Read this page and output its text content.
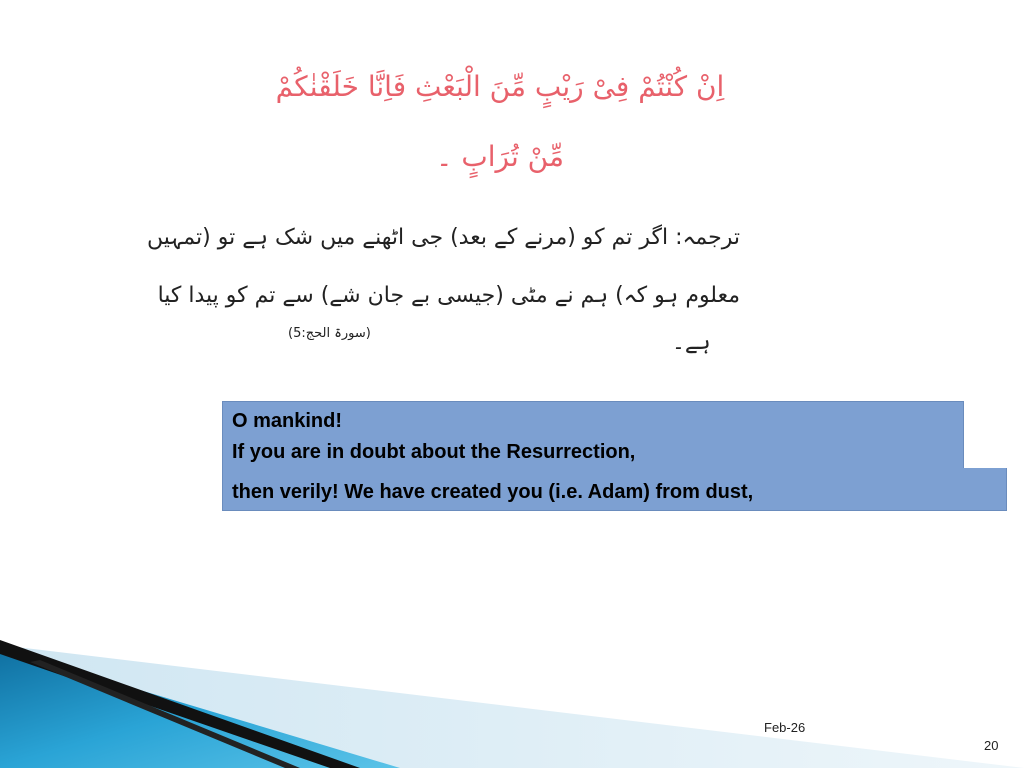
اِنْ كُنْتُمْ فِىْ رَيْبٍ مِّنَ الْبَعْثِ فَاِنَّا خَلَقْنٰكُمْ
مِّنْ تُرَابٍ ۔
ترجمہ: اگر تم کو (مرنے کے بعد) جی اٹھنے میں شک ہے تو (تمہیں
معلوم ہو کہ) ہم نے مٹی (جیسی بے جان شے) سے تم کو پیدا کیا
(سورۃ الحج:5)	ہے۔
O mankind!
If you are in doubt about the Resurrection,
then verily! We have created you (i.e. Adam) from dust,
Feb-26
20
